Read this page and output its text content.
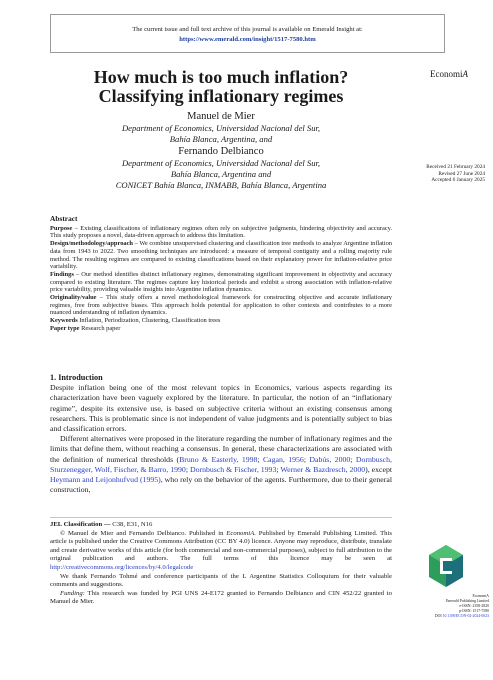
The current issue and full text archive of this journal is available on Emerald Insight at:
https://www.emerald.com/insight/1517-7580.htm
EconomiA
How much is too much inflation?
Classifying inflationary regimes
Manuel de Mier
Department of Economics, Universidad Nacional del Sur,
Bahía Blanca, Argentina, and
Fernando Delbianco
Department of Economics, Universidad Nacional del Sur,
Bahía Blanca, Argentina and
CONICET Bahía Blanca, INMABB, Bahía Blanca, Argentina
Received 21 February 2024
Revised 27 June 2024
Accepted 6 January 2025
Abstract

Purpose – Existing classifications of inflationary regimes often rely on subjective judgments, hindering objectivity and accuracy. This study proposes a novel, data-driven approach to address this limitation.

Design/methodology/approach – We combine unsupervised clustering and classification tree methods to analyze Argentine inflation data from 1943 to 2022. Two smoothing techniques are introduced: a measure of temporal contiguity and a rolling majority rule method. The resulting regimes are compared to existing classifications based on their explanatory power for inflation-relative price variability.

Findings – Our method identifies distinct inflationary regimes, demonstrating significant improvement in objectivity and accuracy compared to existing literature. The regimes capture key historical periods and exhibit a strong association with inflation-relative price variability, providing valuable insights into Argentine inflation dynamics.

Originality/value – This study offers a novel methodological framework for constructing objective and accurate inflationary regimes, free from subjective biases. This approach holds potential for application to other contexts and contributes to a more nuanced understanding of inflation dynamics.

Keywords Inflation, Periodization, Clustering, Classification trees

Paper type Research paper

1. Introduction

Despite inflation being one of the most relevant topics in Economics, various aspects regarding its characterization have been vaguely explored by the literature. In particular, the notion of an “inflationary regime”, despite its extensive use, is based on subjective criteria without an existing consensus among researchers. This is problematic since is not independent of value judgments and is potentially subject to bias and classification errors.

Different alternatives were proposed in the literature regarding the number of inflationary regimes and the limits that define them, without reaching a consensus. In general, these characterizations are associated with the definition of numerical thresholds (Bruno & Easterly, 1998; Cagan, 1956; Dabús, 2000; Dornbusch, Sturzenegger, Wolf, Fischer, & Barro, 1990; Dornbusch & Fischer, 1993; Werner & Bazdresch, 2000), except Heymann and Leijonhufvud (1995), who rely on the behavior of the agents. Furthermore, due to their general construction,

JEL Classification — C38, E31, N16

© Manuel de Mier and Fernando Delbianco. Published in EconomiA. Published by Emerald Publishing Limited. This article is published under the Creative Commons Attribution (CC BY 4.0) licence. Anyone may reproduce, distribute, translate and create derivative works of this article (for both commercial and non-commercial purposes), subject to full attribution to the original publication and authors. The full terms of this licence may be seen at http://creativecommons.org/licences/by/4.0/legalcode

We thank Fernando Tohmé and conference participants of the L Argentine Statistics Colloquium for their valuable comments and suggestions.

Funding: This research was funded by PGI UNS 24-E172 granted to Fernando Delbianco and CIN 452/22 granted to Manuel de Mier.

EconomiA
Emerald Publishing Limited
e-ISSN: 2358-2820
p-ISSN: 1517-7580
DOI 10.1108/ECON-02-2024-0023
